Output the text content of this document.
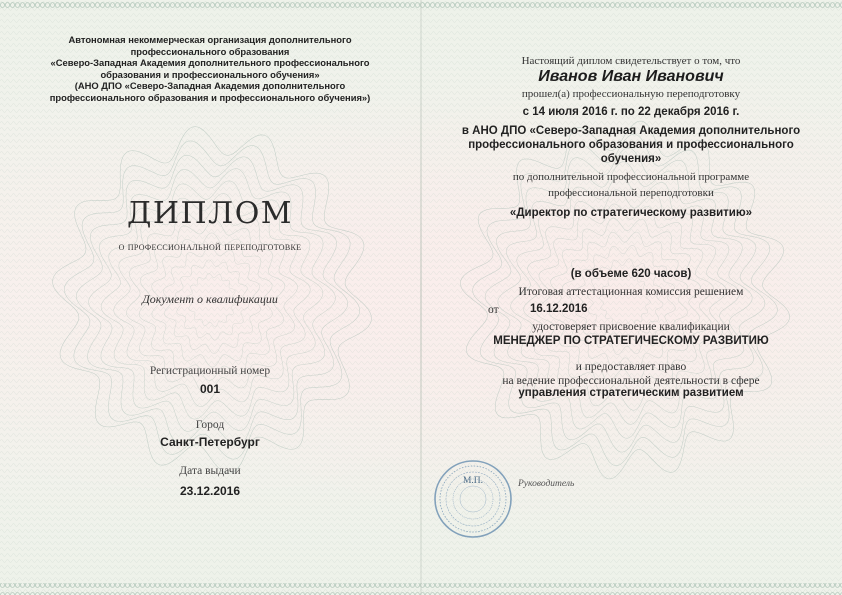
Автономная некоммерческая организация дополнительного
профессионального образования
«Северо-Западная Академия дополнительного профессионального
образования и профессионального обучения»
(АНО ДПО «Северо-Западная Академия дополнительного
профессионального образования и профессионального обучения»)
ДИПЛОМ
о профессиональной переподготовке
Документ о квалификации
Регистрационный номер
001
Город
Санкт-Петербург
Дата выдачи
23.12.2016
Настоящий диплом свидетельствует о том, что
Иванов Иван Иванович
прошел(а) профессиональную переподготовку
с 14 июля 2016 г. по 22 декабря 2016 г.
в АНО ДПО «Северо-Западная Академия дополнительного
профессионального образования и профессионального
обучения»
по дополнительной профессиональной программе
профессиональной переподготовки
«Директор по стратегическому развитию»
(в объеме 620 часов)
Итоговая аттестационная комиссия решением
от	16.12.2016
удостоверяет присвоение квалификации
МЕНЕДЖЕР ПО СТРАТЕГИЧЕСКОМУ РАЗВИТИЮ
и предоставляет право
на ведение профессиональной деятельности в сфере
управления стратегическим развитием
М.П.	Руководитель
